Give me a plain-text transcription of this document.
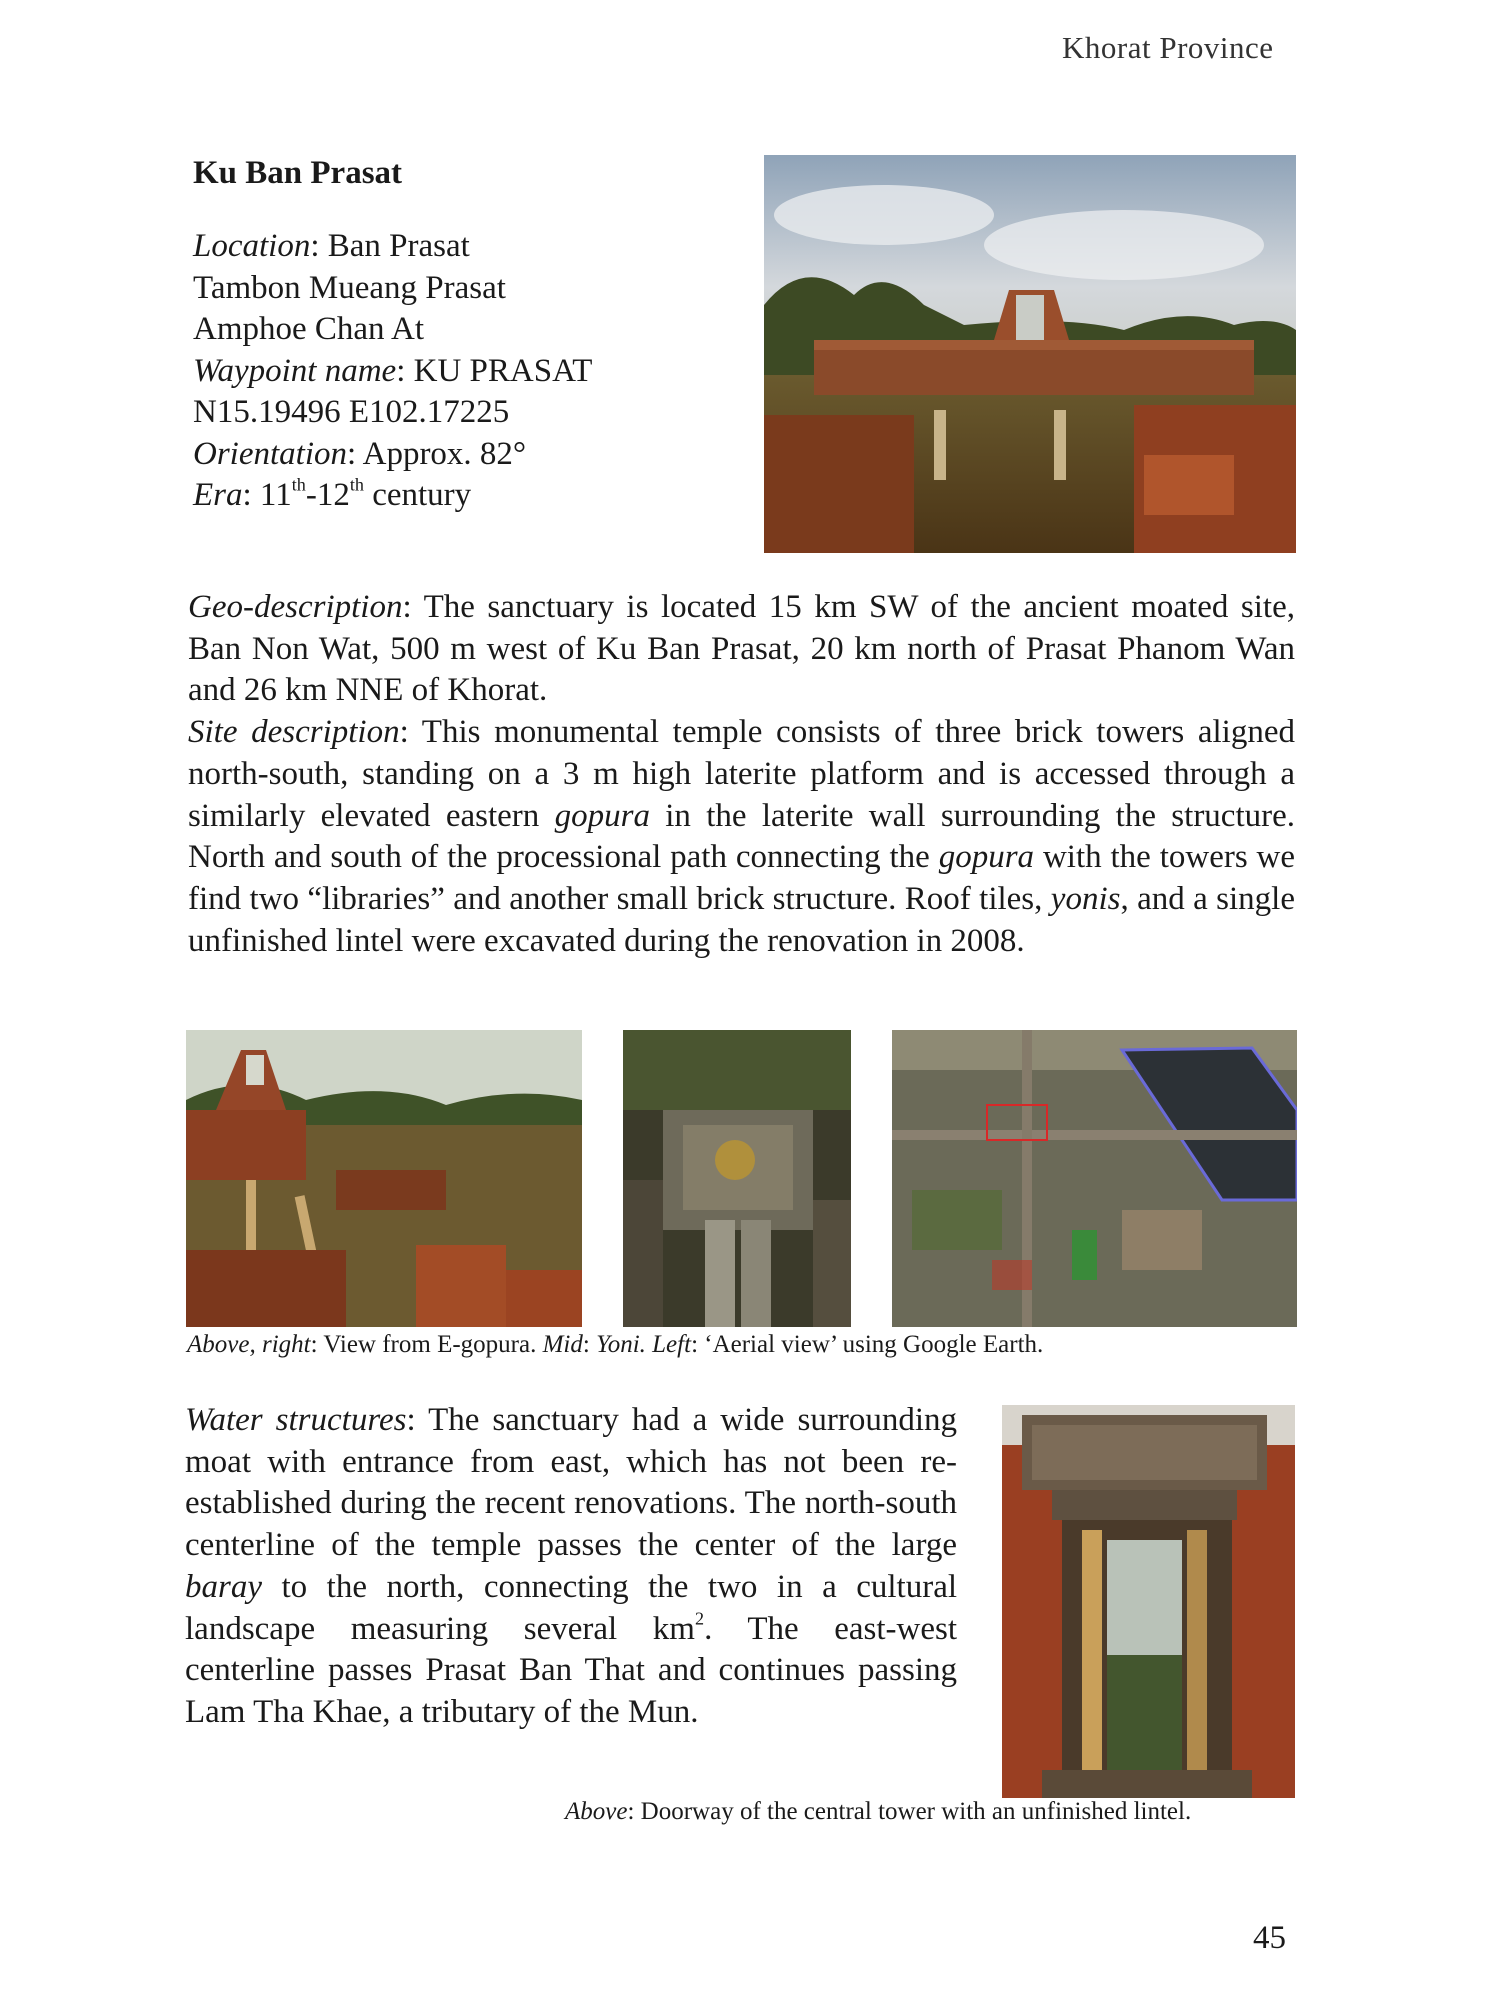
Khorat Province
Ku Ban Prasat
Location: Ban Prasat
Tambon Mueang Prasat
Amphoe Chan At
Waypoint name: KU PRASAT
N15.19496 E102.17225
Orientation: Approx. 82°
Era: 11th-12th century
Geo-description: The sanctuary is located 15 km SW of the ancient moated site, Ban Non Wat, 500 m west of Ku Ban Prasat, 20 km north of Prasat Phanom Wan and 26 km NNE of Khorat.
Site description: This monumental temple consists of three brick towers aligned north-south, standing on a 3 m high laterite platform and is accessed through a similarly elevated eastern gopura in the laterite wall surrounding the structure. North and south of the processional path connecting the gopura with the towers we find two “libraries” and another small brick structure. Roof tiles, yonis, and a single unfinished lintel were excavated during the renovation in 2008.
Above, right: View from E-gopura. Mid: Yoni. Left: ‘Aerial view’ using Google Earth.
Water structures: The sanctuary had a wide surrounding moat with entrance from east, which has not been re-established during the recent renovations. The north-south centerline of the temple passes the center of the large baray to the north, connecting the two in a cultural landscape measuring several $km^2$. The east-west centerline passes Prasat Ban That and continues passing Lam Tha Khae, a tributary of the Mun.
Above: Doorway of the central tower with an unfinished lintel.
45
